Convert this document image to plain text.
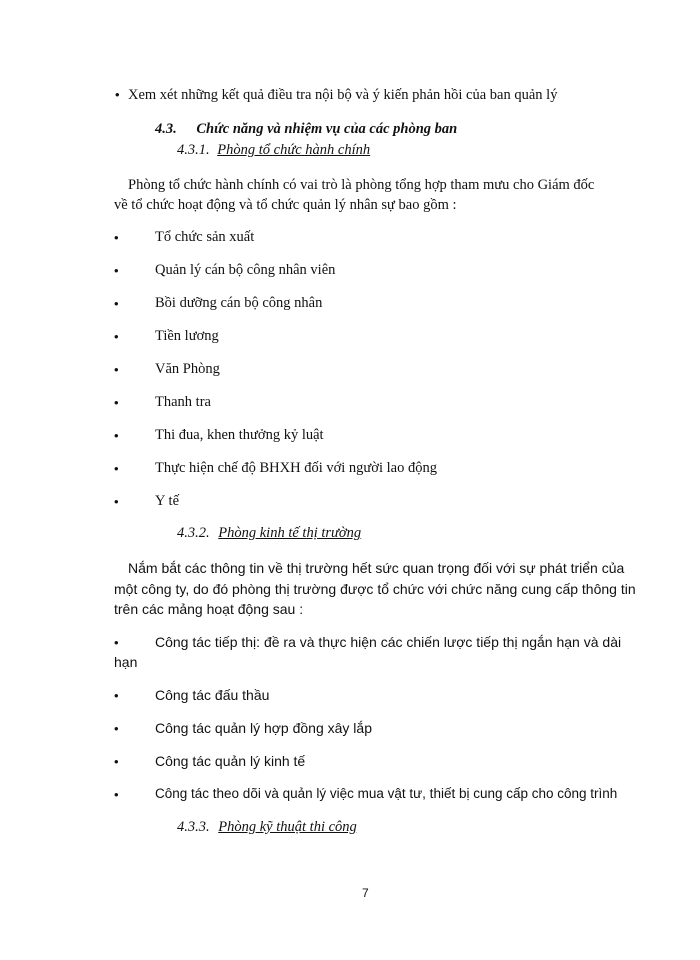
• Xem xét những kết quả điều tra nội bộ và ý kiến phản hồi của ban quản lý
4.3. Chức năng và nhiệm vụ của các phòng ban
4.3.1. Phòng tổ chức hành chính
Phòng tổ chức hành chính có vai trò là phòng tổng hợp tham mưu cho Giám đốc
về tổ chức hoạt động và tổ chức quản lý nhân sự bao gồm :
•	Tổ chức sản xuất
•	Quản lý cán bộ công nhân viên
•	Bồi dưỡng cán bộ công nhân
•	Tiền lương
•	Văn Phòng
•	Thanh tra
•	Thi đua, khen thưởng kỷ luật
•	Thực hiện chế độ BHXH đối với người lao động
•	Y tế
4.3.2. Phòng kinh tế thị trường
Nắm bắt các thông tin về thị trường hết sức quan trọng đối với sự phát triển của
một công ty, do đó phòng thị trường được tổ chức với chức năng cung cấp thông tin
trên các mảng hoạt động sau :
•	Công tác tiếp thị: đề ra và thực hiện các chiến lược tiếp thị ngắn hạn và dài
hạn
•	Công tác đấu thầu
•	Công tác quản lý hợp đồng xây lắp
•	Công tác quản lý kinh tế
•	Công tác theo dõi và quản lý việc mua vật tư, thiết bị cung cấp cho công trình
4.3.3. Phòng kỹ thuật thi công
7
